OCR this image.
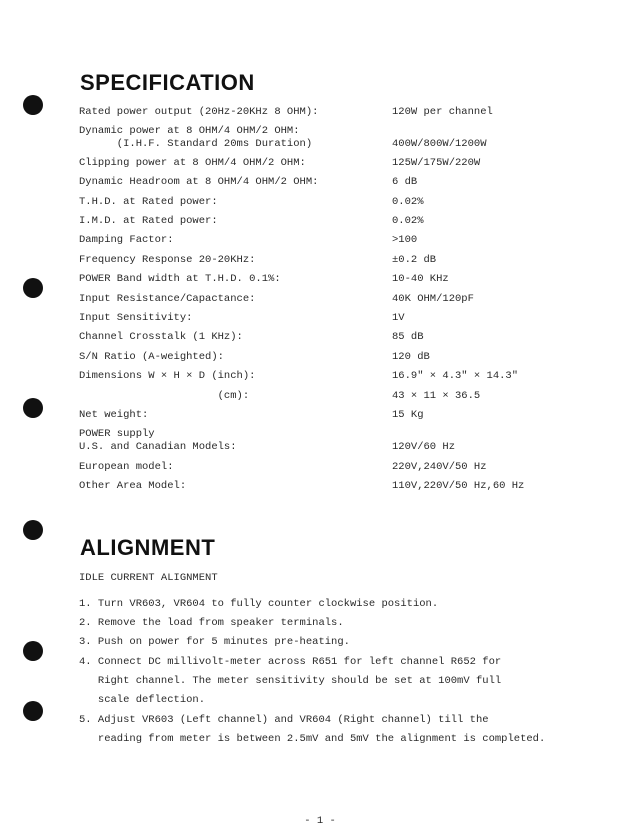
SPECIFICATION
Rated power output (20Hz-20KHz 8 OHM):	120W per channel
Dynamic power at 8 OHM/4 OHM/2 OHM:
(I.H.F. Standard 20ms Duration)	400W/800W/1200W
Clipping power at 8 OHM/4 OHM/2 OHM:	125W/175W/220W
Dynamic Headroom at 8 OHM/4 OHM/2 OHM:	6 dB
T.H.D. at Rated power:	0.02%
I.M.D. at Rated power:	0.02%
Damping Factor:	>100
Frequency Response 20-20KHz:	±0.2 dB
POWER Band width at T.H.D. 0.1%:	10-40 KHz
Input Resistance/Capactance:	40K OHM/120pF
Input Sensitivity:	1V
Channel Crosstalk (1 KHz):	85 dB
S/N Ratio (A-weighted):	120 dB
Dimensions W × H × D (inch):	16.9" × 4.3" × 14.3"
(cm):	43 × 11 × 36.5
Net weight:	15 Kg
POWER supply
U.S. and Canadian Models:	120V/60 Hz
European model:	220V,240V/50 Hz
Other Area Model:	110V,220V/50 Hz,60 Hz
ALIGNMENT
IDLE CURRENT ALIGNMENT
1. Turn VR603, VR604 to fully counter clockwise position.
2. Remove the load from speaker terminals.
3. Push on power for 5 minutes pre-heating.
4. Connect DC millivolt-meter across R651 for left channel R652 for
Right channel. The meter sensitivity should be set at 100mV full
scale deflection.
5. Adjust VR603 (Left channel) and VR604 (Right channel) till the
reading from meter is between 2.5mV and 5mV the alignment is completed.
- 1 -
